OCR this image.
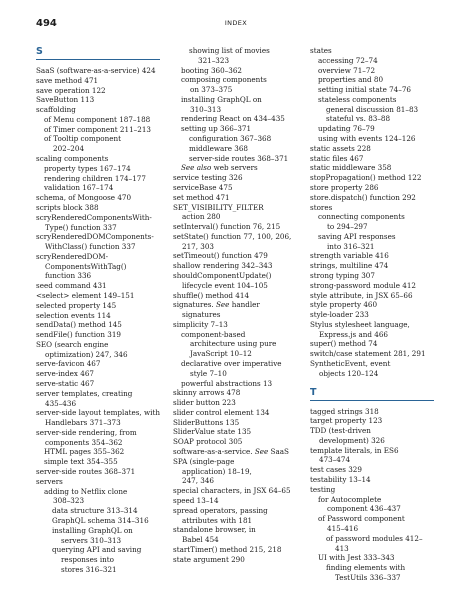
494	INDEX
S
SaaS (software-as-a-service) 424
save method 471
save operation 122
SaveButton 113
scaffolding
of Menu component 187–188
of Timer component 211–213
of Tooltip component
202–204
scaling components
property types 167–174
rendering children 174–177
validation 167–174
schema, of Mongoose 470
scripts block 388
scryRenderedComponentsWith-
Type() function 337
scryRenderedDOMComponents-
WithClass() function 337
scryRenderedDOM-
ComponentsWithTag()
function 336
seed command 431
<select> element 149–151
selected property 145
selection events 114
sendData() method 145
sendFile() function 319
SEO (search engine
optimization) 247, 346
serve-favicon 467
serve-index 467
serve-static 467
server templates, creating
435–436
server-side layout templates, with
Handlebars 371–373
server-side rendering, from
components 354–362
HTML pages 355–362
simple text 354–355
server-side routes 368–371
servers
adding to Netflix clone
308–323
data structure 313–314
GraphQL schema 314–316
installing GraphQL on
servers 310–313
querying API and saving
responses into
stores 316–321
showing list of movies
321–323
booting 360–362
composing components
on 373–375
installing GraphQL on
310–313
rendering React on 434–435
setting up 366–371
configuration 367–368
middleware 368
server-side routes 368–371
See also web servers
service testing 326
serviceBase 475
set method 471
SET_VISIBILITY_FILTER
action 280
setInterval() function 76, 215
setState() function 77, 100, 206,
217, 303
setTimeout() function 479
shallow rendering 342–343
shouldComponentUpdate()
lifecycle event 104–105
shuffle() method 414
signatures. See handler
signatures
simplicity 7–13
component-based
architecture using pure
JavaScript 10–12
declarative over imperative
style 7–10
powerful abstractions 13
skinny arrows 478
slider button 223
slider control element 134
SliderButtons 135
SliderValue state 135
SOAP protocol 305
software-as-a-service. See SaaS
SPA (single-page
application) 18–19,
247, 346
special characters, in JSX 64–65
speed 13–14
spread operators, passing
attributes with 181
standalone browser, in
Babel 454
startTimer() method 215, 218
state argument 290
states
accessing 72–74
overview 71–72
properties and 80
setting initial state 74–76
stateless components
general discussion 81–83
stateful vs. 83–88
updating 76–79
using with events 124–126
static assets 228
static files 467
static middleware 358
stopPropagation() method 122
store property 286
store.dispatch() function 292
stores
connecting components
to 294–297
saving API responses
into 316–321
strength variable 416
strings, multiline 474
strong typing 307
strong-password module 412
style attribute, in JSX 65–66
style property 460
style-loader 233
Stylus stylesheet language,
Express.js and 466
super() method 74
switch/case statement 281, 291
SyntheticEvent, event
objects 120–124
T
tagged strings 318
target property 123
TDD (test-driven
development) 326
template literals, in ES6
473–474
test cases 329
testability 13–14
testing
for Autocomplete
component 436–437
of Password component
415–416
of password modules 412–413
UI with Jest 333–343
finding elements with
TestUtils 336–337
